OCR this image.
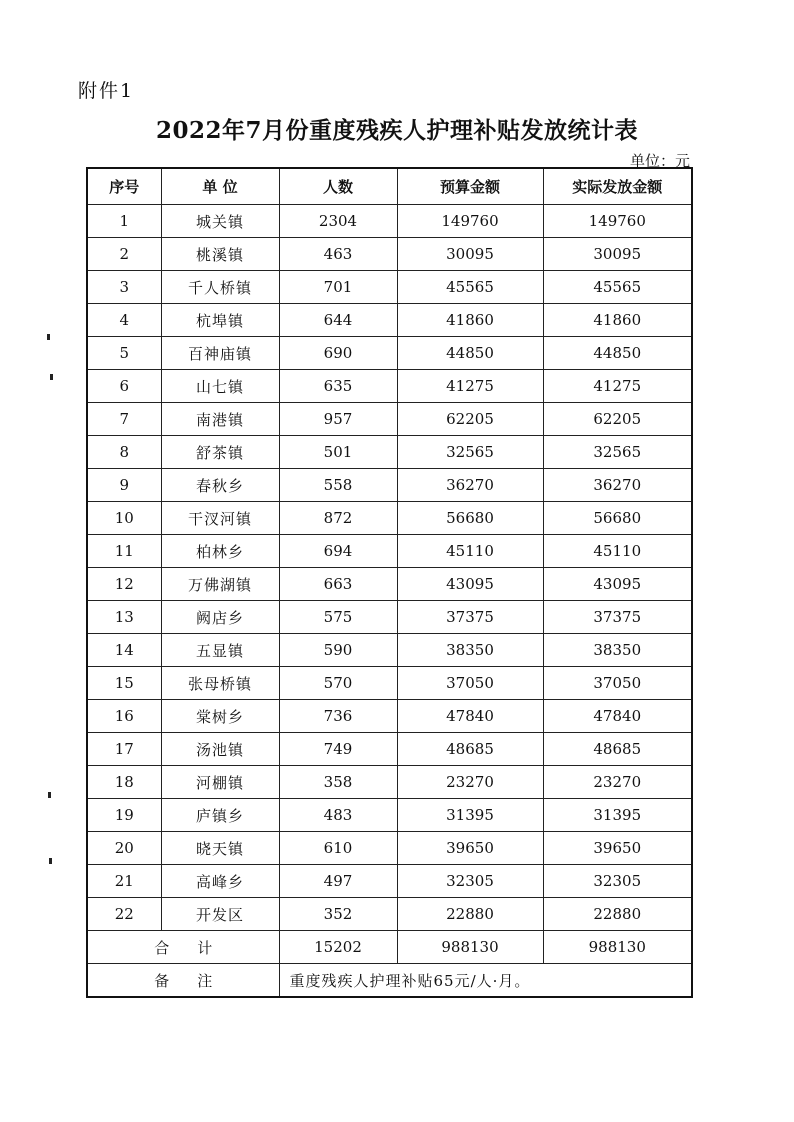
附件1
2022年7月份重度残疾人护理补贴发放统计表
单位：元
序号	单 位	人数	预算金额	实际发放金额
1	城关镇	2304	149760	149760
2	桃溪镇	463	30095	30095
3	千人桥镇	701	45565	45565
4	杭埠镇	644	41860	41860
5	百神庙镇	690	44850	44850
6	山七镇	635	41275	41275
7	南港镇	957	62205	62205
8	舒茶镇	501	32565	32565
9	春秋乡	558	36270	36270
10	干汊河镇	872	56680	56680
11	柏林乡	694	45110	45110
12	万佛湖镇	663	43095	43095
13	阙店乡	575	37375	37375
14	五显镇	590	38350	38350
15	张母桥镇	570	37050	37050
16	棠树乡	736	47840	47840
17	汤池镇	749	48685	48685
18	河棚镇	358	23270	23270
19	庐镇乡	483	31395	31395
20	晓天镇	610	39650	39650
21	高峰乡	497	32305	32305
22	开发区	352	22880	22880
合计		15202	988130	988130
备注		重度残疾人护理补贴65元/人·月。		
